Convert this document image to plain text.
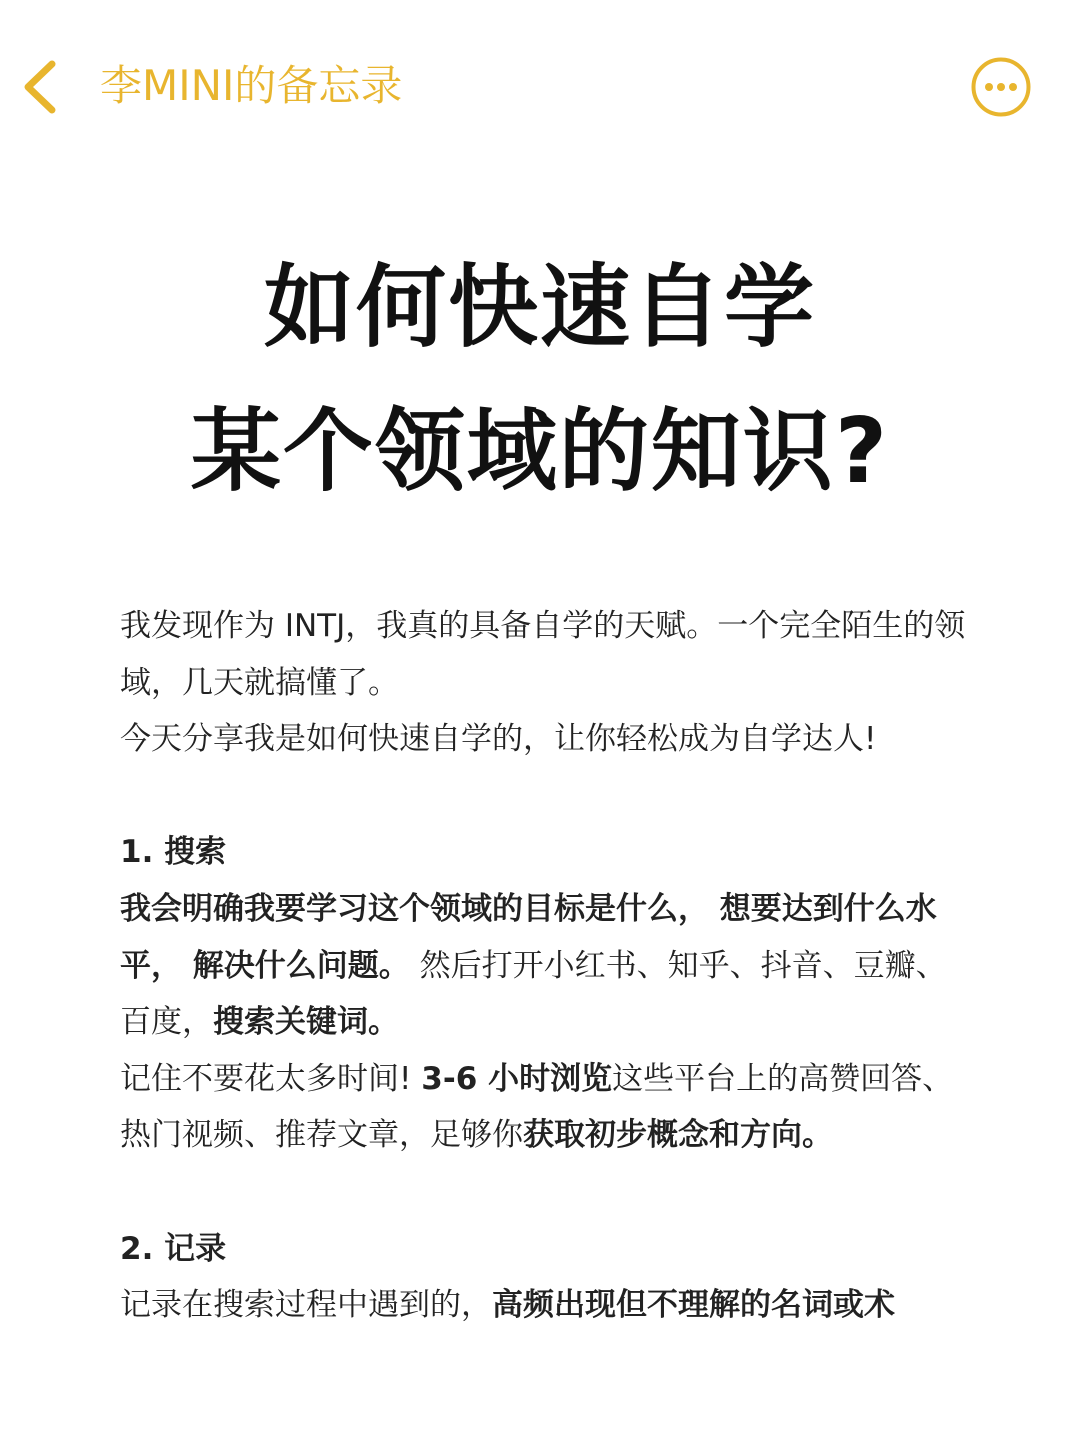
李MINI的备忘录
如何快速自学
某个领域的知识?

我发现作为 INTJ，我真的具备自学的天赋。一个完全陌生的领域，几天就搞懂了。

今天分享我是如何快速自学的，让你轻松成为自学达人!

1. 搜索

我会明确我要学习这个领域的目标是什么， 想要达到什么水平， 解决什么问题。 然后打开小红书、知乎、抖音、豆瓣、百度，搜索关键词。

记住不要花太多时间! 3-6 小时浏览这些平台上的高赞回答、热门视频、推荐文章，足够你获取初步概念和方向。

2. 记录

记录在搜索过程中遇到的，高频出现但不理解的名词或术
